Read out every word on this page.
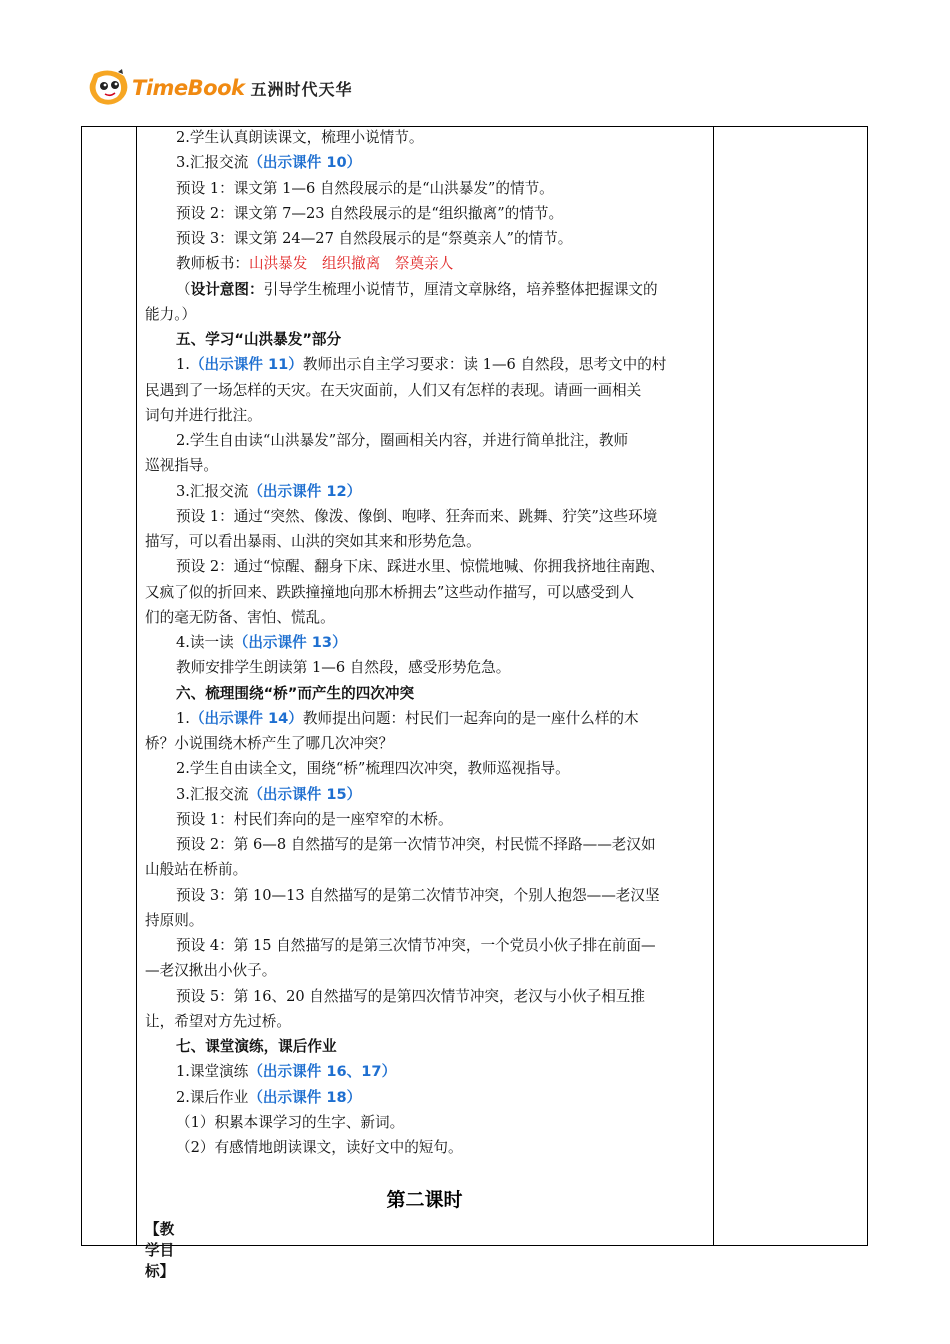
TimeBook 五洲时代天华
2.学生认真朗读课文，梳理小说情节。
3.汇报交流（出示课件 10）
预设 1：课文第 1—6 自然段展示的是“山洪暴发”的情节。
预设 2：课文第 7—23 自然段展示的是“组织撤离”的情节。
预设 3：课文第 24—27 自然段展示的是“祭奠亲人”的情节。
教师板书：山洪暴发　组织撤离　祭奠亲人
（设计意图：引导学生梳理小说情节，厘清文章脉络，培养整体把握课文的
能力。）
五、学习“山洪暴发”部分
1.（出示课件 11）教师出示自主学习要求：读 1—6 自然段，思考文中的村
民遇到了一场怎样的天灾。在天灾面前，人们又有怎样的表现。请画一画相关
词句并进行批注。
2.学生自由读“山洪暴发”部分，圈画相关内容，并进行简单批注，教师
巡视指导。
3.汇报交流（出示课件 12）
预设 1：通过“突然、像泼、像倒、咆哮、狂奔而来、跳舞、狞笑”这些环境
描写，可以看出暴雨、山洪的突如其来和形势危急。
预设 2：通过“惊醒、翻身下床、踩进水里、惊慌地喊、你拥我挤地往南跑、
又疯了似的折回来、跌跌撞撞地向那木桥拥去”这些动作描写，可以感受到人
们的毫无防备、害怕、慌乱。
4.读一读（出示课件 13）
教师安排学生朗读第 1—6 自然段，感受形势危急。
六、梳理围绕“桥”而产生的四次冲突
1.（出示课件 14）教师提出问题：村民们一起奔向的是一座什么样的木
桥？小说围绕木桥产生了哪几次冲突？
2.学生自由读全文，围绕“桥”梳理四次冲突，教师巡视指导。
3.汇报交流（出示课件 15）
预设 1：村民们奔向的是一座窄窄的木桥。
预设 2：第 6—8 自然描写的是第一次情节冲突，村民慌不择路——老汉如
山般站在桥前。
预设 3：第 10—13 自然描写的是第二次情节冲突，个别人抱怨——老汉坚
持原则。
预设 4：第 15 自然描写的是第三次情节冲突，一个党员小伙子排在前面—
—老汉揪出小伙子。
预设 5：第 16、20 自然描写的是第四次情节冲突，老汉与小伙子相互推
让，希望对方先过桥。
七、课堂演练，课后作业
1.课堂演练（出示课件 16、17）
2.课后作业（出示课件 18）
（1）积累本课学习的生字、新词。
（2）有感情地朗读课文，读好文中的短句。
第二课时
【教学目标】
